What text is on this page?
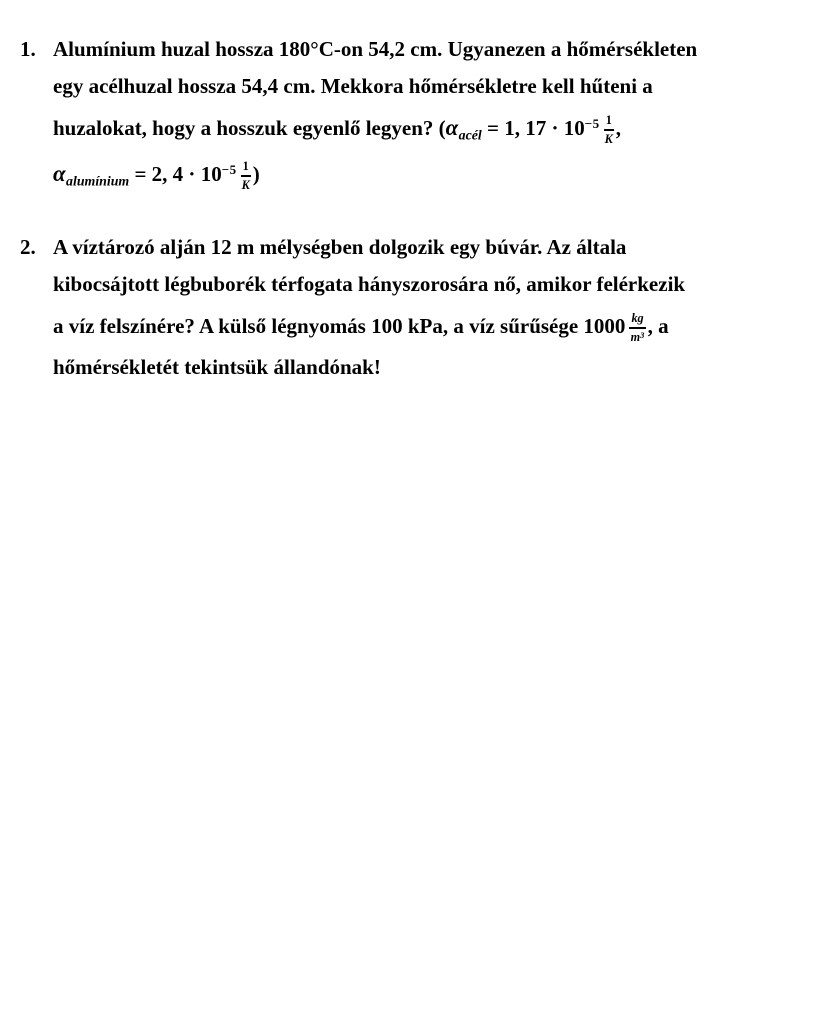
1. Alumínium huzal hossza 180°C-on 54,2 cm. Ugyanezen a hőmérsékleten
egy acélhuzal hossza 54,4 cm. Mekkora hőmérsékletre kell hűteni a
huzalokat, hogy a hosszuk egyenlő legyen? ($\alpha_{acél} = 1$, $17 \cdot 10^{-5} \frac{1}{K}$ ,
$\alpha_{alumínium} = 2$, $4 \cdot 10^{-5} \frac{1}{K}$ )
2. A víztározó alján 12 m mélységben dolgozik egy búvár. Az általa
kibocsájtott légbuborék térfogata hányszorosára nő, amikor felérkezik
a víz felszínére? A külső légnyomás 100 kPa, a víz sűrűsége $1000 \frac{kg}{m^3}$ , a
hőmérsékletét tekintsük állandónak!
